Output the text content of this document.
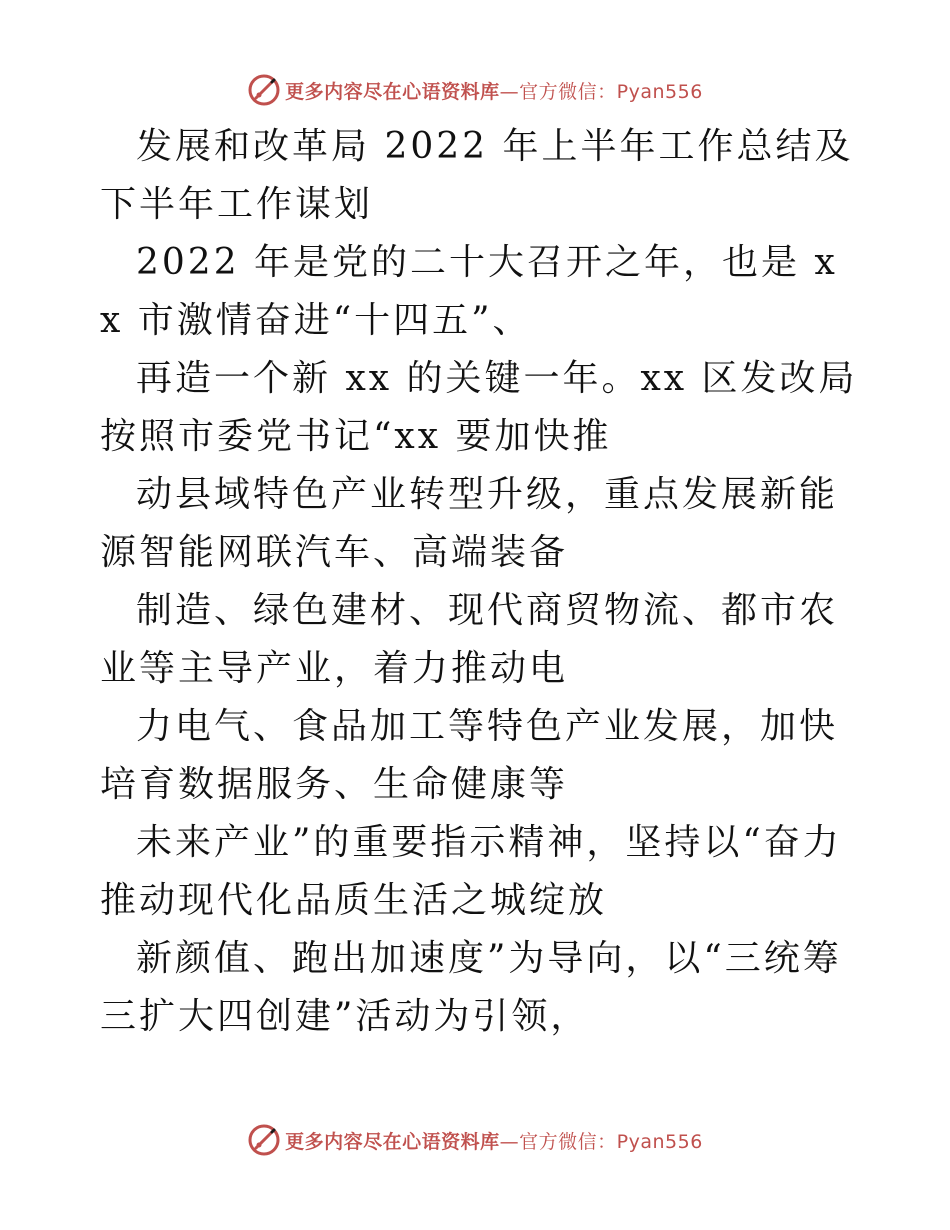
更多内容尽在心语资料库—官方微信：Pyan556

发展和改革局 2022 年上半年工作总结及下半年工作谋划

2022 年是党的二十大召开之年，也是 xx 市激情奋进“十四五”、

再造一个新 xx 的关键一年。xx 区发改局按照市委党书记“xx 要加快推

动县域特色产业转型升级，重点发展新能源智能网联汽车、高端装备

制造、绿色建材、现代商贸物流、都市农业等主导产业，着力推动电

力电气、食品加工等特色产业发展，加快培育数据服务、生命健康等

未来产业”的重要指示精神，坚持以“奋力推动现代化品质生活之城绽放

新颜值、跑出加速度”为导向，以“三统筹三扩大四创建”活动为引领，

更多内容尽在心语资料库—官方微信：Pyan556
